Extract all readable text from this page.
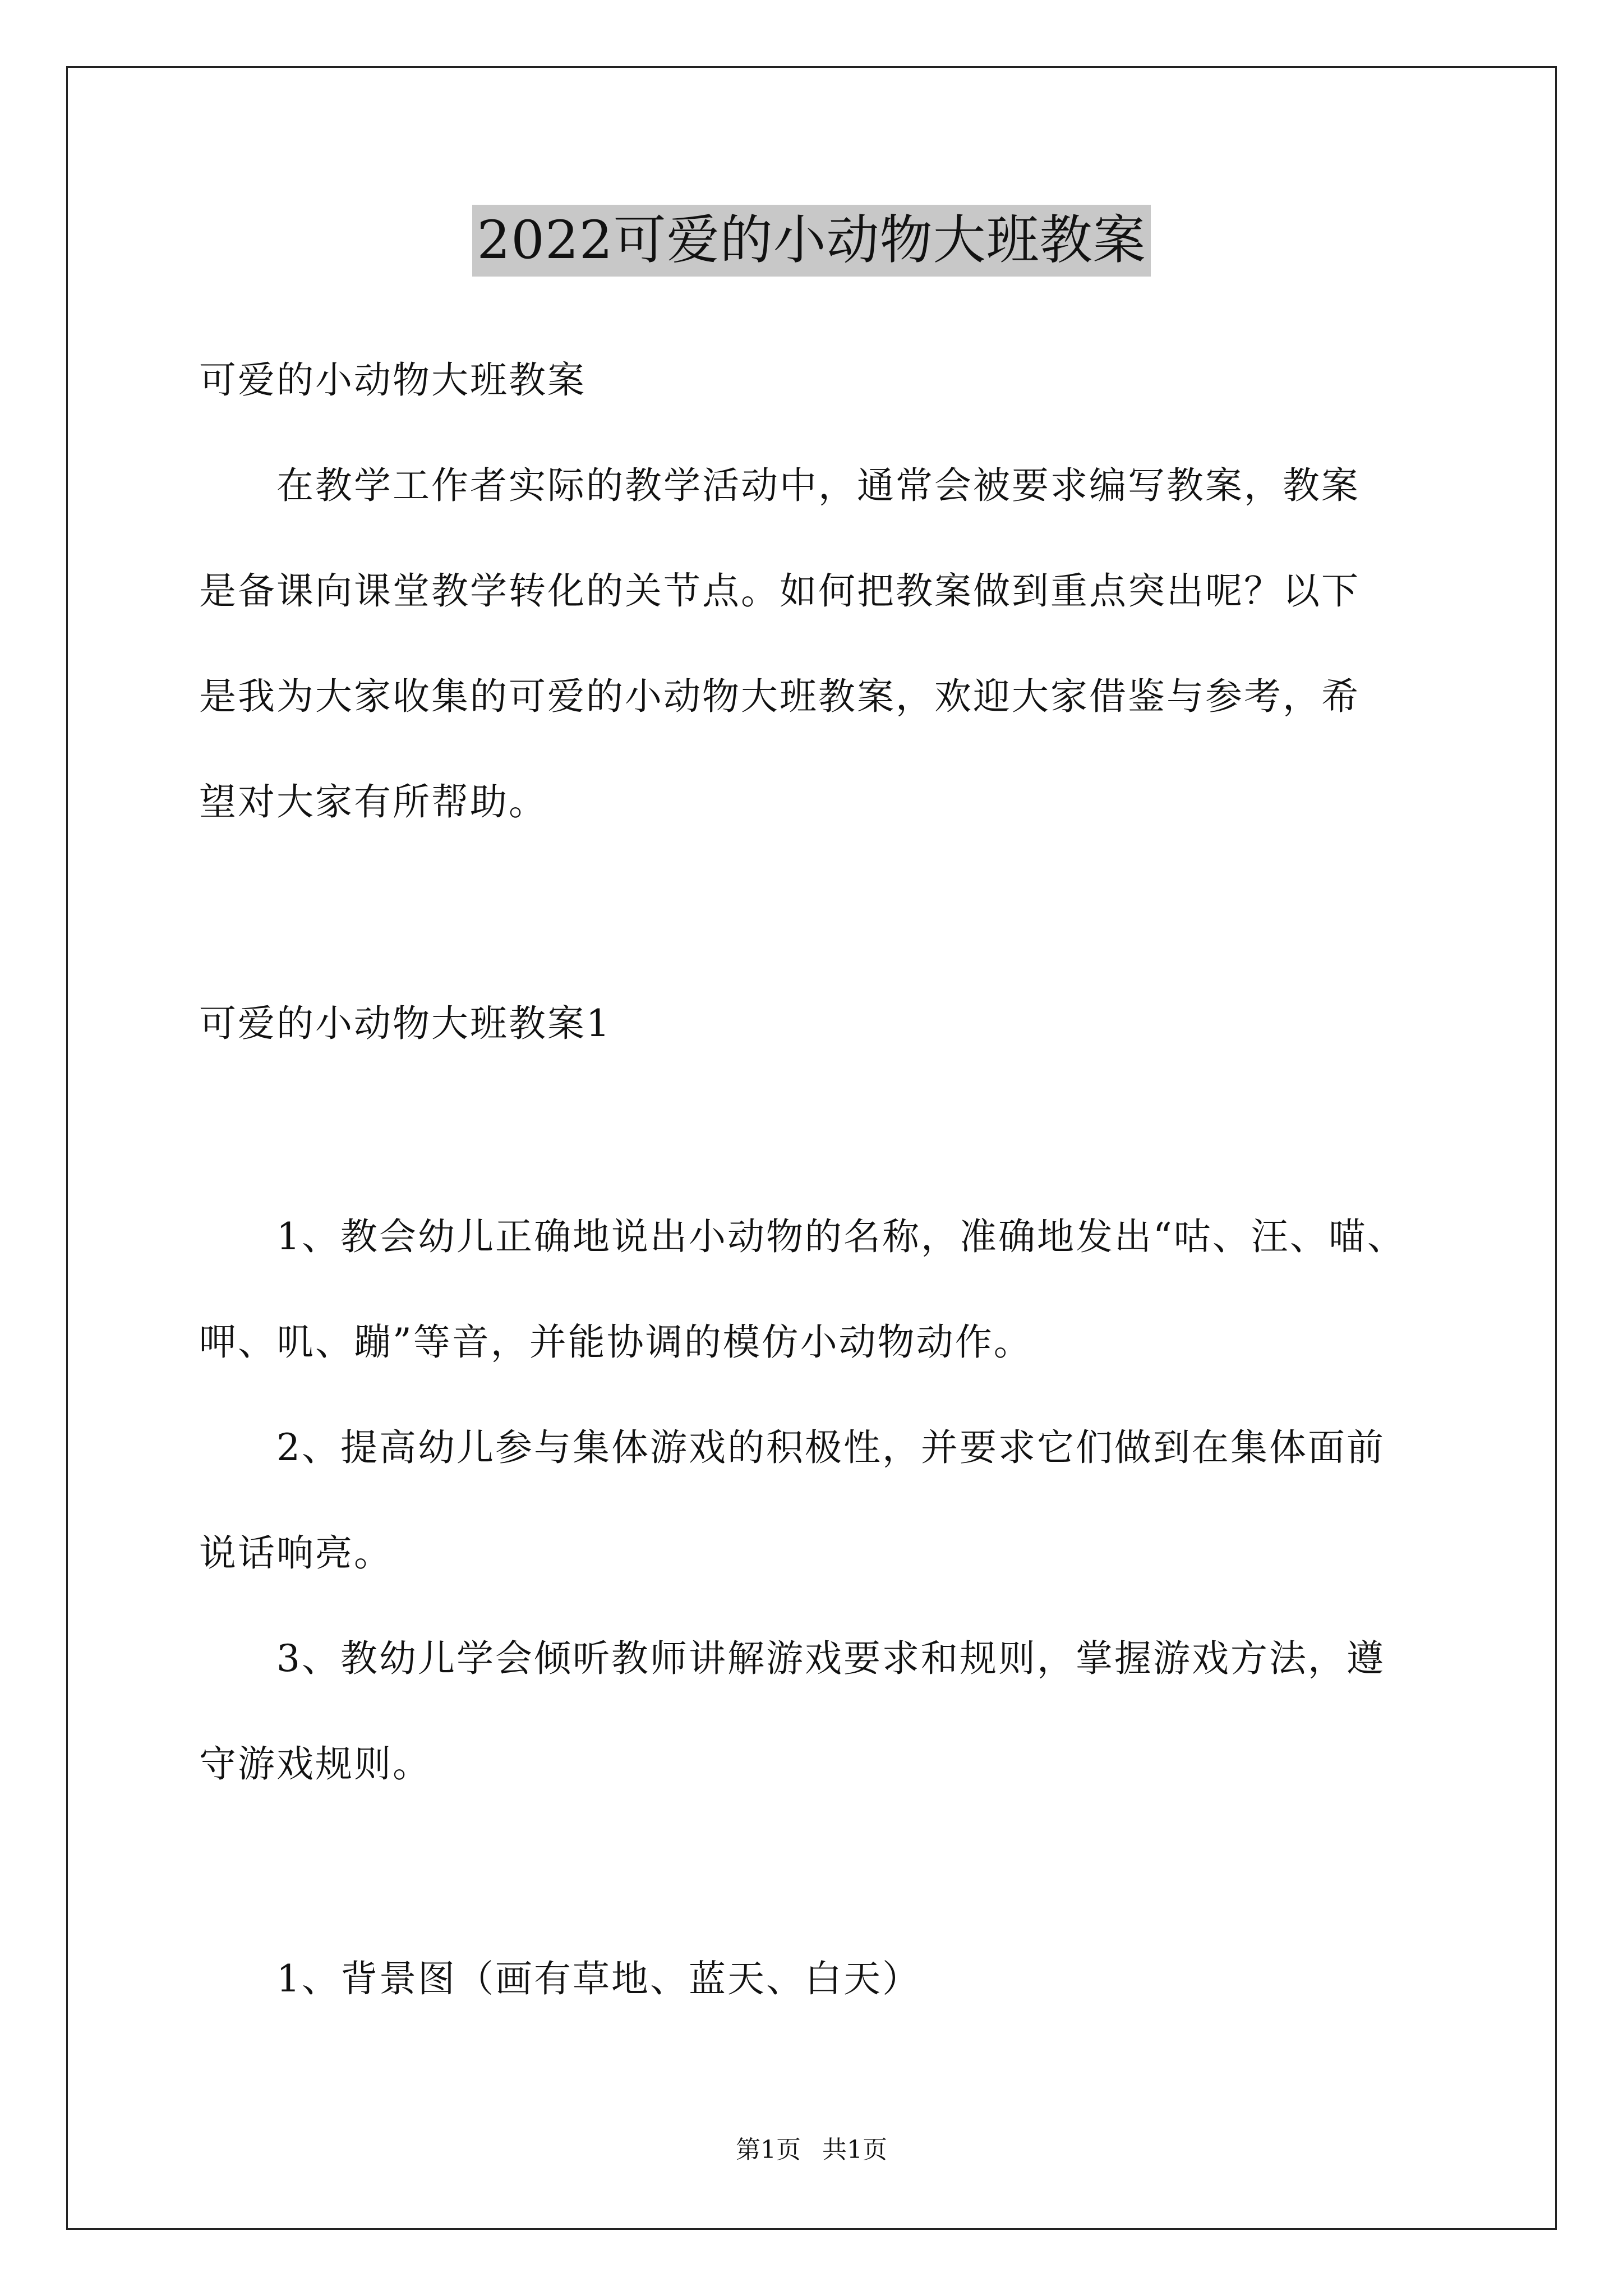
2022可爱的小动物大班教案
可爱的小动物大班教案
　　在教学工作者实际的教学活动中，通常会被要求编写教案，教案
是备课向课堂教学转化的关节点。如何把教案做到重点突出呢？以下
是我为大家收集的可爱的小动物大班教案，欢迎大家借鉴与参考，希
望对大家有所帮助。
可爱的小动物大班教案1
　　1、教会幼儿正确地说出小动物的名称，准确地发出“咕、汪、喵、
呷、叽、蹦”等音，并能协调的模仿小动物动作。
　　2、提高幼儿参与集体游戏的积极性，并要求它们做到在集体面前
说话响亮。
　　3、教幼儿学会倾听教师讲解游戏要求和规则，掌握游戏方法，遵
守游戏规则。
　　1、背景图（画有草地、蓝天、白天）
第1页 共1页
